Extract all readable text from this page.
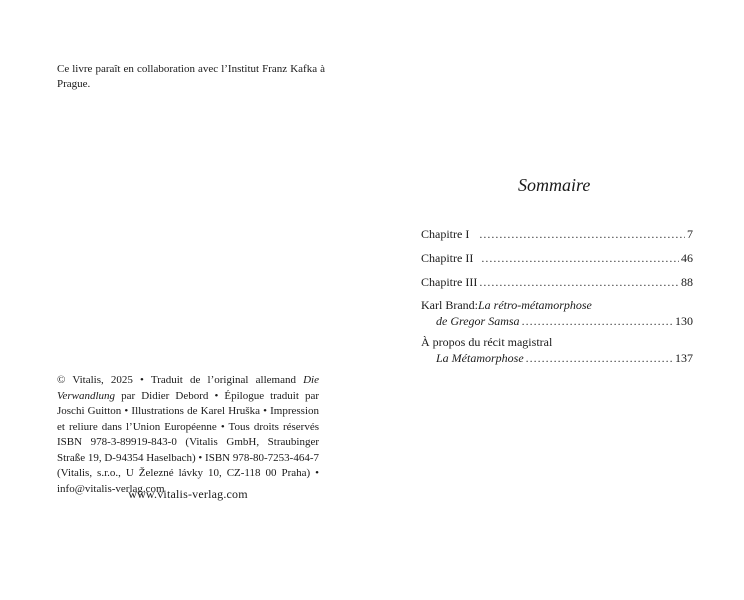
Ce livre paraît en collaboration avec l’Institut Franz Kafka à Prague.

© Vitalis, 2025 • Traduit de l’original allemand Die Verwandlung par Didier Debord • Épilogue traduit par Joschi Guitton • Illustrations de Karel Hruška • Impression et reliure dans l’Union Européenne • Tous droits réservés ISBN 978-3-89919-843-0 (Vitalis GmbH, Straubinger Straße 19, D-94354 Haselbach) • ISBN 978-80-7253-464-7 (Vitalis, s.r.o., U Železné lávky 10, CZ-118 00 Praha) • info@vitalis-verlag.com

www.vitalis-verlag.com
Sommaire
Chapitre I .....	7
Chapitre II .....	46
Chapitre III .....	88
Karl Brand: La rétro-métamorphose
de Gregor Samsa .....	130
À propos du récit magistral
La Métamorphose .....	137
